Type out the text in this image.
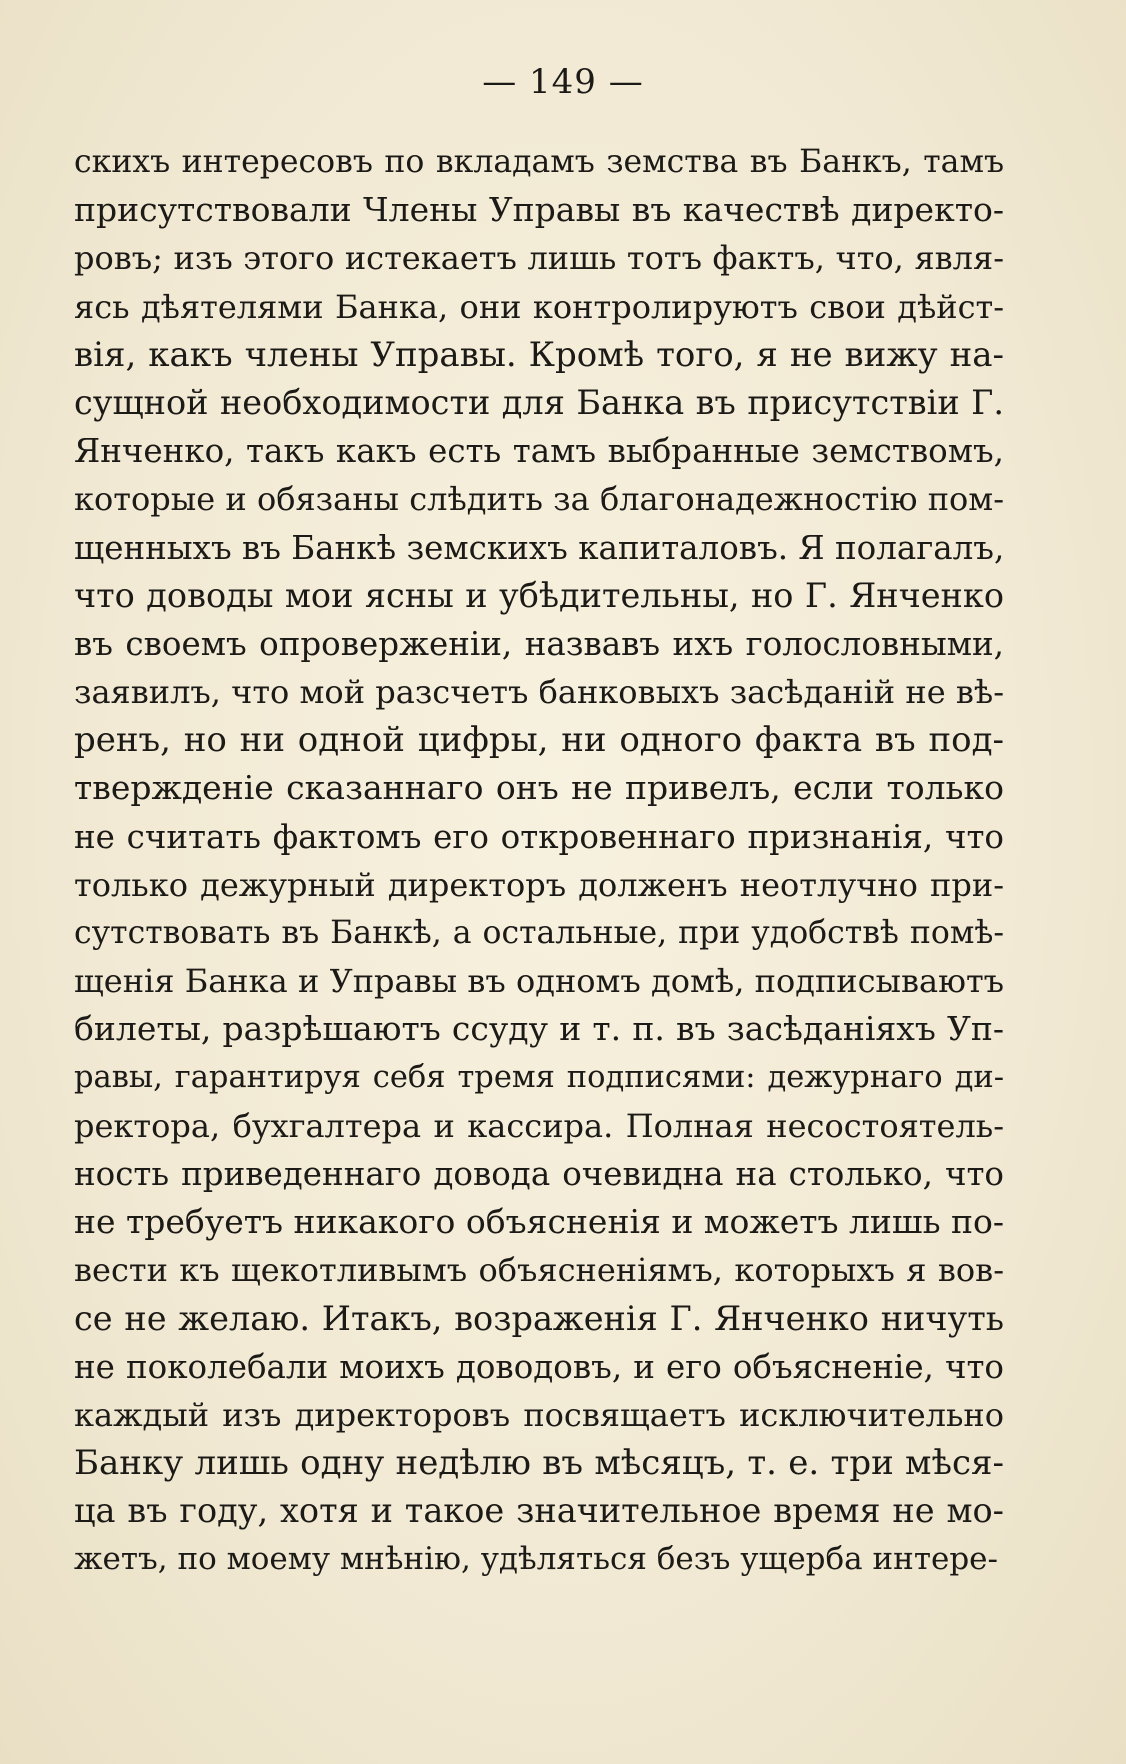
— 149 —
скихъ интересовъ по вкладамъ земства въ Банкъ, тамъ
присутствовали Члены Управы въ качествѣ директо-
ровъ; изъ этого истекаетъ лишь тотъ фактъ, что, явля-
ясь дѣятелями Банка, они контролируютъ свои дѣйст-
вія, какъ члены Управы. Кромѣ того, я не вижу на-
сущной необходимости для Банка въ присутствіи Г.
Янченко, такъ какъ есть тамъ выбранные земствомъ,
которые и обязаны слѣдить за благонадежностію пом-
щенныхъ въ Банкѣ земскихъ капиталовъ. Я полагалъ,
что доводы мои ясны и убѣдительны, но Г. Янченко
въ своемъ опроверженіи, назвавъ ихъ голословными,
заявилъ, что мой разсчетъ банковыхъ засѣданій не вѣ-
ренъ, но ни одной цифры, ни одного факта въ под-
твержденіе сказаннаго онъ не привелъ, если только
не считать фактомъ его откровеннаго признанія, что
только дежурный директоръ долженъ неотлучно при-
сутствовать въ Банкѣ, а остальные, при удобствѣ помѣ-
щенія Банка и Управы въ одномъ домѣ, подписываютъ
билеты, разрѣшаютъ ссуду и т. п. въ засѣданіяхъ Уп-
равы, гарантируя себя тремя подписями: дежурнаго ди-
ректора, бухгалтера и кассира. Полная несостоятель-
ность приведеннаго довода очевидна на столько, что
не требуетъ никакого объясненія и можетъ лишь по-
вести къ щекотливымъ объясненіямъ, которыхъ я вов-
се не желаю. Итакъ, возраженія Г. Янченко ничуть
не поколебали моихъ доводовъ, и его объясненіе, что
каждый изъ директоровъ посвящаетъ исключительно
Банку лишь одну недѣлю въ мѣсяцъ, т. е. три мѣся-
ца въ году, хотя и такое значительное время не мо-
жетъ, по моему мнѣнію, удѣляться безъ ущерба интере-
